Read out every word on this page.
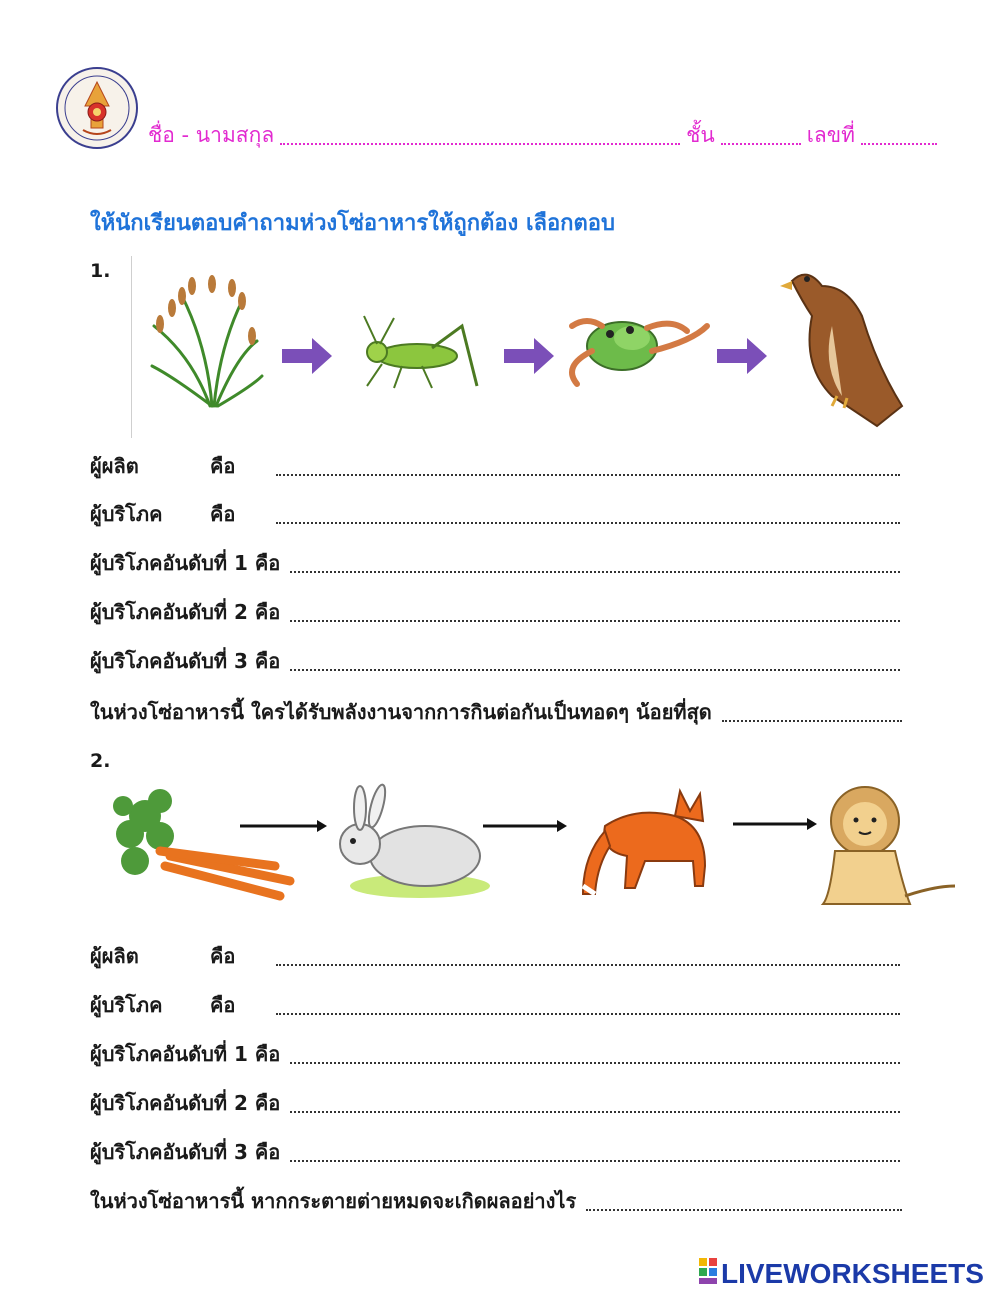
ชื่อ - นามสกุล	ชั้น	เลขที่
ให้นักเรียนตอบคำถามห่วงโซ่อาหารให้ถูกต้อง เลือกตอบ
1.
ผู้ผลิต	คือ
ผู้บริโภค	คือ
ผู้บริโภคอันดับที่ 1 คือ
ผู้บริโภคอันดับที่ 2 คือ
ผู้บริโภคอันดับที่ 3 คือ
ในห่วงโซ่อาหารนี้ ใครได้รับพลังงานจากการกินต่อกันเป็นทอดๆ น้อยที่สุด
2.
ผู้ผลิต	คือ
ผู้บริโภค	คือ
ผู้บริโภคอันดับที่ 1 คือ
ผู้บริโภคอันดับที่ 2 คือ
ผู้บริโภคอันดับที่ 3 คือ
ในห่วงโซ่อาหารนี้ หากกระตายต่ายหมดจะเกิดผลอย่างไร
LIVEWORKSHEETS
